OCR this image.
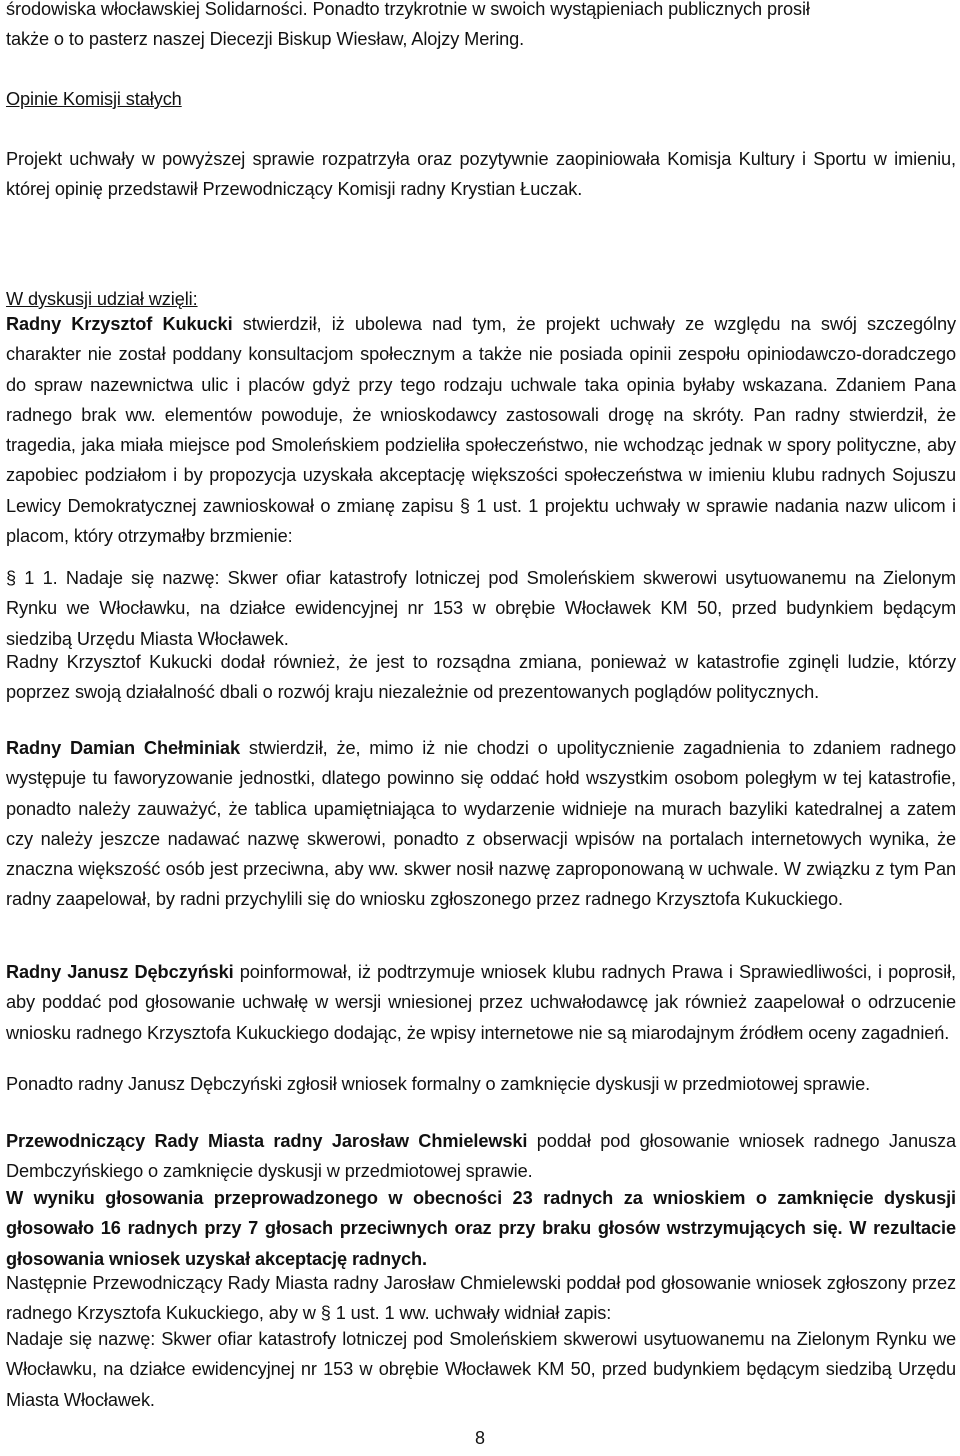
środowiska włocławskiej Solidarności. Ponadto trzykrotnie w swoich wystąpieniach publicznych prosił

także o to pasterz naszej Diecezji Biskup Wiesław, Alojzy Mering.

Opinie Komisji stałych

Projekt uchwały w powyższej sprawie rozpatrzyła oraz pozytywnie zaopiniowała Komisja Kultury i Sportu w imieniu, której opinię przedstawił Przewodniczący Komisji radny Krystian Łuczak.

W dyskusji udział wzięli:

Radny Krzysztof Kukucki stwierdził, iż ubolewa nad tym, że projekt uchwały ze względu na swój szczególny charakter nie został poddany konsultacjom społecznym a także nie posiada opinii zespołu opiniodawczo-doradczego do spraw nazewnictwa ulic i placów gdyż przy tego rodzaju uchwale taka opinia byłaby wskazana. Zdaniem Pana radnego brak ww. elementów powoduje, że wnioskodawcy zastosowali drogę na skróty. Pan radny stwierdził, że tragedia, jaka miała miejsce pod Smoleńskiem podzieliła społeczeństwo, nie wchodząc jednak w spory polityczne, aby zapobiec podziałom i by propozycja uzyskała akceptację większości społeczeństwa w imieniu klubu radnych Sojuszu Lewicy Demokratycznej zawnioskował o zmianę zapisu § 1 ust. 1 projektu uchwały w sprawie nadania nazw ulicom i placom, który otrzymałby brzmienie:

§ 1 1. Nadaje się nazwę: Skwer ofiar katastrofy lotniczej pod Smoleńskiem skwerowi usytuowanemu na Zielonym Rynku we Włocławku, na działce ewidencyjnej nr 153 w obrębie Włocławek KM 50, przed budynkiem będącym siedzibą Urzędu Miasta Włocławek.

Radny Krzysztof Kukucki dodał również, że jest to rozsądna zmiana, ponieważ w katastrofie zginęli ludzie, którzy poprzez swoją działalność dbali o rozwój kraju niezależnie od prezentowanych poglądów politycznych.

Radny Damian Chełminiak stwierdził, że, mimo iż nie chodzi o upolitycznienie zagadnienia to zdaniem radnego występuje tu faworyzowanie jednostki, dlatego powinno się oddać hołd wszystkim osobom poległym w tej katastrofie, ponadto należy zauważyć, że tablica upamiętniająca to wydarzenie widnieje na murach bazyliki katedralnej a zatem czy należy jeszcze nadawać nazwę skwerowi, ponadto z obserwacji wpisów na portalach internetowych wynika, że znaczna większość osób jest przeciwna, aby ww. skwer nosił nazwę zaproponowaną w uchwale. W związku z tym Pan radny zaapelował, by radni przychylili się do wniosku zgłoszonego przez radnego Krzysztofa Kukuckiego.

Radny Janusz Dębczyński poinformował, iż podtrzymuje wniosek klubu radnych Prawa i Sprawiedliwości, i poprosił, aby poddać pod głosowanie uchwałę w wersji wniesionej przez uchwałodawcę jak również zaapelował o odrzucenie wniosku radnego Krzysztofa Kukuckiego dodając, że wpisy internetowe nie są miarodajnym źródłem oceny zagadnień.

Ponadto radny Janusz Dębczyński zgłosił wniosek formalny o zamknięcie dyskusji w przedmiotowej sprawie.

Przewodniczący Rady Miasta radny Jarosław Chmielewski poddał pod głosowanie wniosek radnego Janusza Dembczyńskiego o zamknięcie dyskusji w przedmiotowej sprawie.

W wyniku głosowania przeprowadzonego w obecności 23 radnych za wnioskiem o zamknięcie dyskusji głosowało 16 radnych przy 7 głosach przeciwnych oraz przy braku głosów wstrzymujących się. W rezultacie głosowania wniosek uzyskał akceptację radnych.

Następnie Przewodniczący Rady Miasta radny Jarosław Chmielewski poddał pod głosowanie wniosek zgłoszony przez radnego Krzysztofa Kukuckiego, aby w § 1 ust. 1 ww. uchwały widniał zapis:

Nadaje się nazwę: Skwer ofiar katastrofy lotniczej pod Smoleńskiem skwerowi usytuowanemu na Zielonym Rynku we Włocławku, na działce ewidencyjnej nr 153 w obrębie Włocławek KM 50, przed budynkiem będącym siedzibą Urzędu Miasta Włocławek.

8
